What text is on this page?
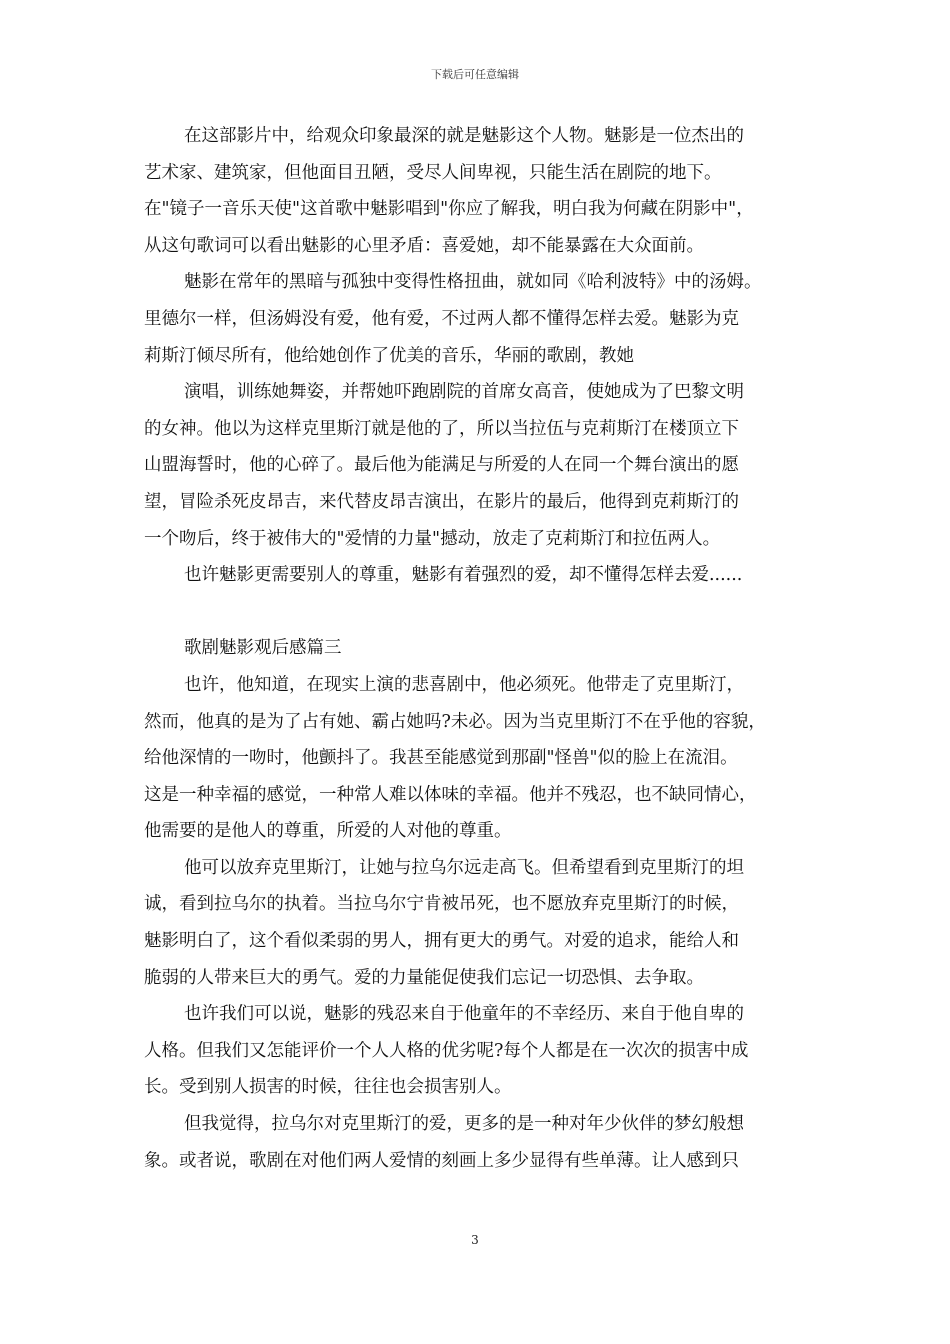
下载后可任意编辑
在这部影片中，给观众印象最深的就是魅影这个人物。魅影是一位杰出的
艺术家、建筑家，但他面目丑陋，受尽人间卑视，只能生活在剧院的地下。
在"镜子一音乐天使"这首歌中魅影唱到"你应了解我，明白我为何藏在阴影中"，
从这句歌词可以看出魅影的心里矛盾：喜爱她，却不能暴露在大众面前。
魅影在常年的黑暗与孤独中变得性格扭曲，就如同《哈利波特》中的汤姆。
里德尔一样，但汤姆没有爱，他有爱，不过两人都不懂得怎样去爱。魅影为克
莉斯汀倾尽所有，他给她创作了优美的音乐，华丽的歌剧，教她
演唱，训练她舞姿，并帮她吓跑剧院的首席女高音，使她成为了巴黎文明
的女神。他以为这样克里斯汀就是他的了，所以当拉伍与克莉斯汀在楼顶立下
山盟海誓时，他的心碎了。最后他为能满足与所爱的人在同一个舞台演出的愿
望，冒险杀死皮昂吉，来代替皮昂吉演出，在影片的最后，他得到克莉斯汀的
一个吻后，终于被伟大的"爱情的力量"撼动，放走了克莉斯汀和拉伍两人。
也许魅影更需要别人的尊重，魅影有着强烈的爱，却不懂得怎样去爱......
歌剧魅影观后感篇三
也许，他知道，在现实上演的悲喜剧中，他必须死。他带走了克里斯汀，
然而，他真的是为了占有她、霸占她吗?未必。因为当克里斯汀不在乎他的容貌，
给他深情的一吻时，他颤抖了。我甚至能感觉到那副"怪兽"似的脸上在流泪。
这是一种幸福的感觉，一种常人难以体味的幸福。他并不残忍，也不缺同情心，
他需要的是他人的尊重，所爱的人对他的尊重。
他可以放弃克里斯汀，让她与拉乌尔远走高飞。但希望看到克里斯汀的坦
诚，看到拉乌尔的执着。当拉乌尔宁肯被吊死，也不愿放弃克里斯汀的时候，
魅影明白了，这个看似柔弱的男人，拥有更大的勇气。对爱的追求，能给人和
脆弱的人带来巨大的勇气。爱的力量能促使我们忘记一切恐惧、去争取。
也许我们可以说，魅影的残忍来自于他童年的不幸经历、来自于他自卑的
人格。但我们又怎能评价一个人人格的优劣呢?每个人都是在一次次的损害中成
长。受到别人损害的时候，往往也会损害别人。
但我觉得，拉乌尔对克里斯汀的爱，更多的是一种对年少伙伴的梦幻般想
象。或者说，歌剧在对他们两人爱情的刻画上多少显得有些单薄。让人感到只
3
